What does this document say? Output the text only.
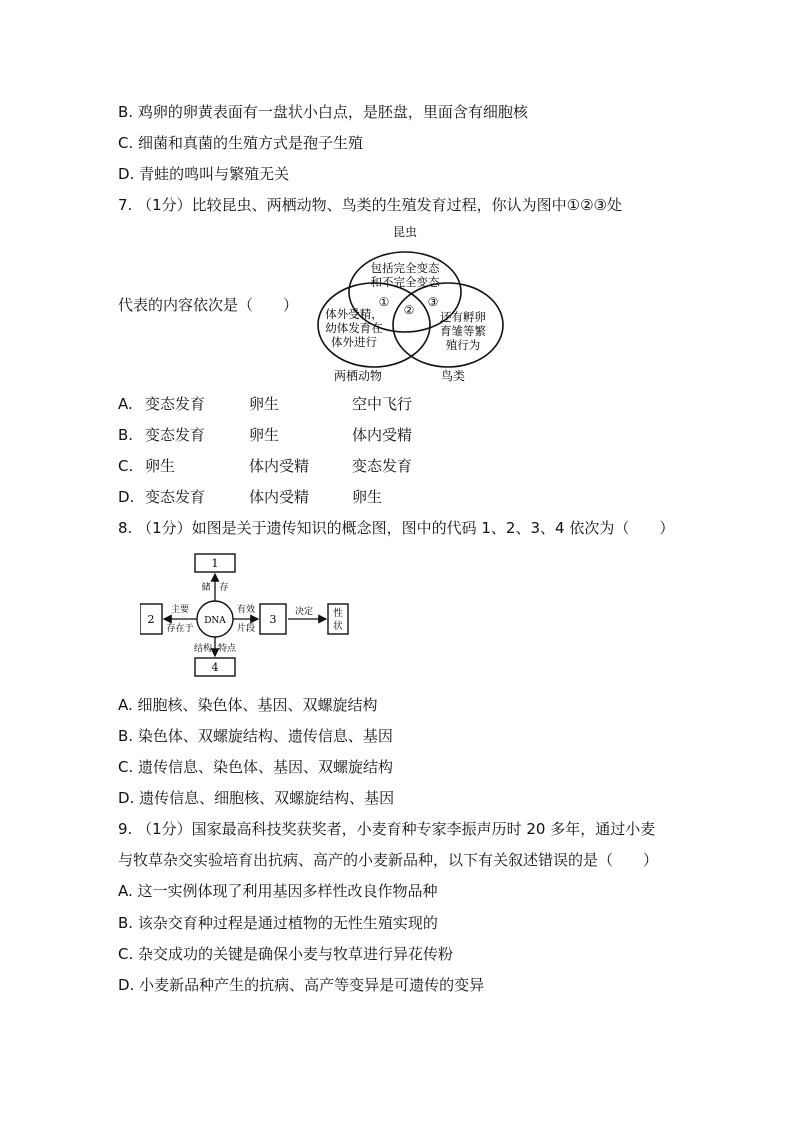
B. 鸡卵的卵黄表面有一盘状小白点，是胚盘，里面含有细胞核
C. 细菌和真菌的生殖方式是孢子生殖
D. 青蛙的鸣叫与繁殖无关
7. （1分）比较昆虫、两栖动物、鸟类的生殖发育过程，你认为图中①②③处
代表的内容依次是（　　）
昆虫
包括完全变态
和不完全变态
①
②
③
体外受精，
幼体发育在
体外进行
还有孵卵
育雏等繁
殖行为
两栖动物	鸟类
A. 变态发育	卵生	空中飞行
B. 变态发育	卵生	体内受精
C. 卵生	体内受精	变态发育
D. 变态发育	体内受精	卵生
8. （1分）如图是关于遗传知识的概念图，图中的代码 1、2、3、4 依次为（　　）
1
2	3
4
性
状
DNA
储 存
主要
存在于
有效
片段
结构 特点
决定
A. 细胞核、染色体、基因、双螺旋结构
B. 染色体、双螺旋结构、遗传信息、基因
C. 遗传信息、染色体、基因、双螺旋结构
D. 遗传信息、细胞核、双螺旋结构、基因
9. （1分）国家最高科技奖获奖者，小麦育种专家李振声历时 20 多年，通过小麦
与牧草杂交实验培育出抗病、高产的小麦新品种，以下有关叙述错误的是（　　）
A. 这一实例体现了利用基因多样性改良作物品种
B. 该杂交育种过程是通过植物的无性生殖实现的
C. 杂交成功的关键是确保小麦与牧草进行异花传粉
D. 小麦新品种产生的抗病、高产等变异是可遗传的变异
